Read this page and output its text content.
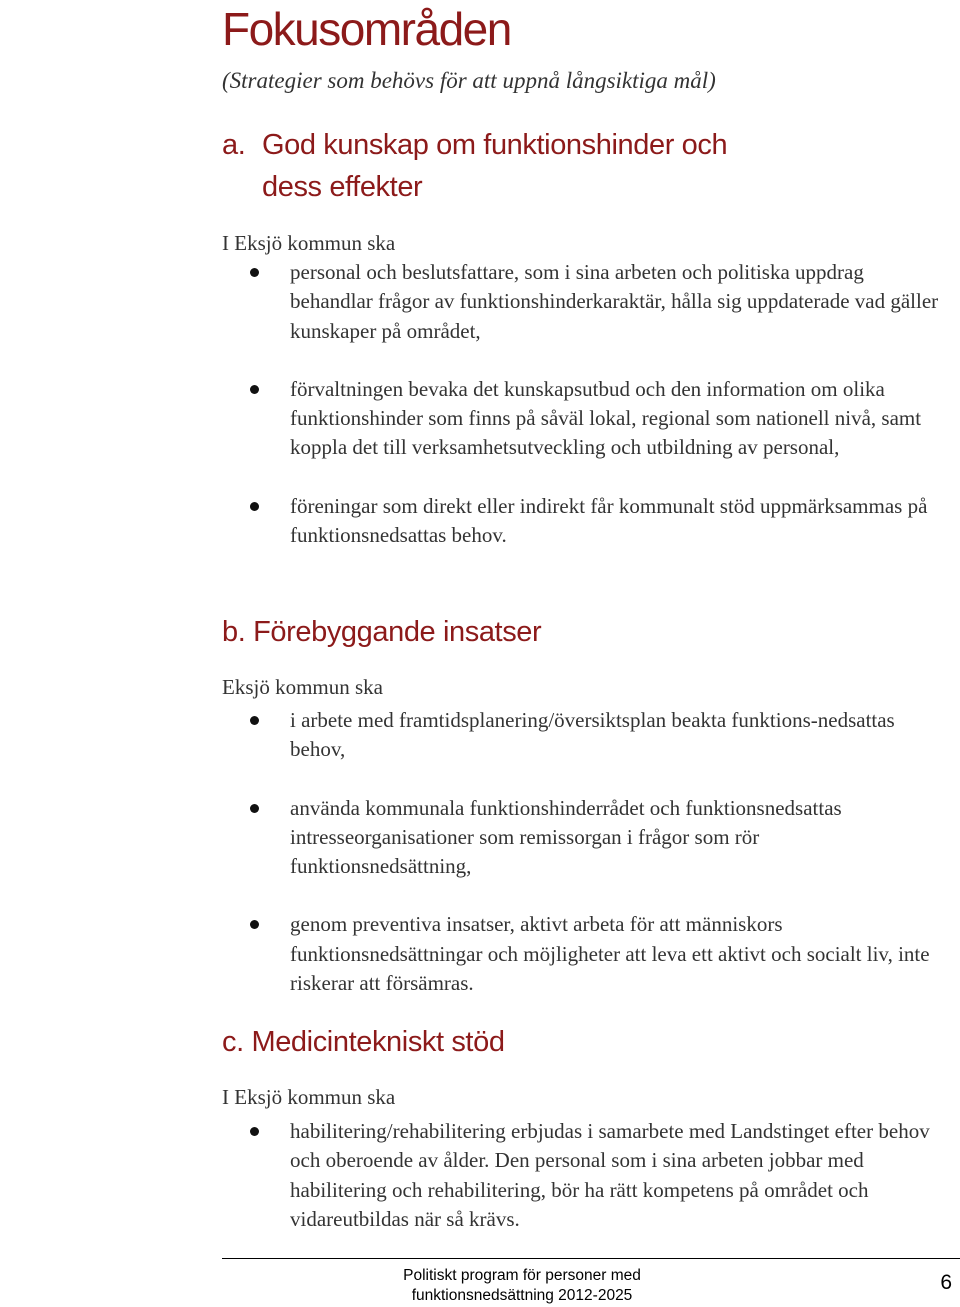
Fokusområden

(Strategier som behövs för att uppnå långsiktiga mål)

a. God kunskap om funktionshinder och
dess effekter

I Eksjö kommun ska

personal och beslutsfattare, som i sina arbeten och politiska uppdrag behandlar frågor av funktionshinderkaraktär, hålla sig uppdaterade vad gäller kunskaper på området,
förvaltningen bevaka det kunskapsutbud och den information om olika funktionshinder som finns på såväl lokal, regional som nationell nivå, samt koppla det till verksamhetsutveckling och utbildning av personal,
föreningar som direkt eller indirekt får kommunalt stöd uppmärksammas på funktionsnedsattas behov.
b. Förebyggande insatser

Eksjö kommun ska

i arbete med framtidsplanering/översiktsplan beakta funktions-nedsattas behov,
använda kommunala funktionshinderrådet och funktionsnedsattas intresseorganisationer som remissorgan i frågor som rör funktionsnedsättning,
genom preventiva insatser, aktivt arbeta för att människors funktionsnedsättningar och möjligheter att leva ett aktivt och socialt liv, inte riskerar att försämras.
c. Medicintekniskt stöd

I Eksjö kommun ska

habilitering/rehabilitering erbjudas i samarbete med Landstinget efter behov och oberoende av ålder. Den personal som i sina arbeten jobbar med habilitering och rehabilitering, bör ha rätt kompetens på området och vidareutbildas när så krävs.

Politiskt program för personer med
funktionsnedsättning 2012-2025

6
